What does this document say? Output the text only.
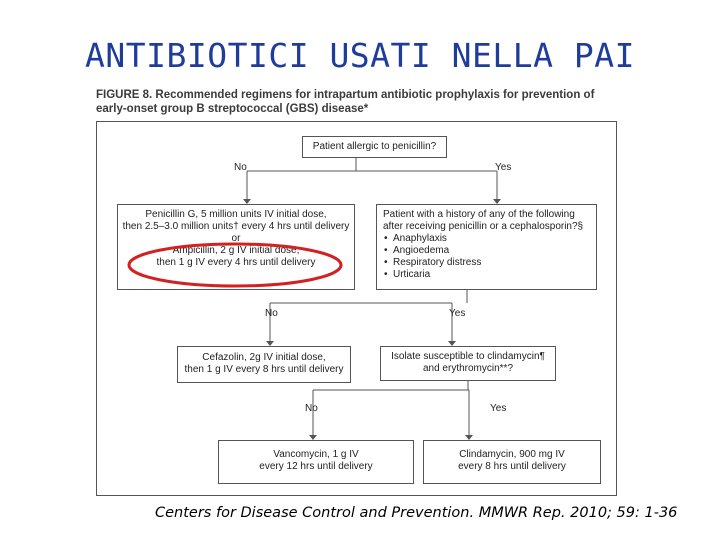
ANTIBIOTICI USATI NELLA PAI
FIGURE 8. Recommended regimens for intrapartum antibiotic prophylaxis for prevention of
early-onset group B streptococcal (GBS) disease*
Patient allergic to penicillin?
No	Yes
Penicillin G, 5 million units IV initial dose,
then 2.5–3.0 million units† every 4 hrs until delivery
or
Ampicillin, 2 g IV initial dose,
then 1 g IV every 4 hrs until delivery
Patient with a history of any of the following
after receiving penicillin or a cephalosporin?§
• Anaphylaxis
• Angioedema
• Respiratory distress
• Urticaria
No	Yes
Cefazolin, 2g IV initial dose,
then 1 g IV every 8 hrs until delivery
Isolate susceptible to clindamycin¶
and erythromycin**?
No	Yes
Vancomycin, 1 g IV
every 12 hrs until delivery
Clindamycin, 900 mg IV
every 8 hrs until delivery
Centers for Disease Control and Prevention. MMWR Rep. 2010; 59: 1-36
